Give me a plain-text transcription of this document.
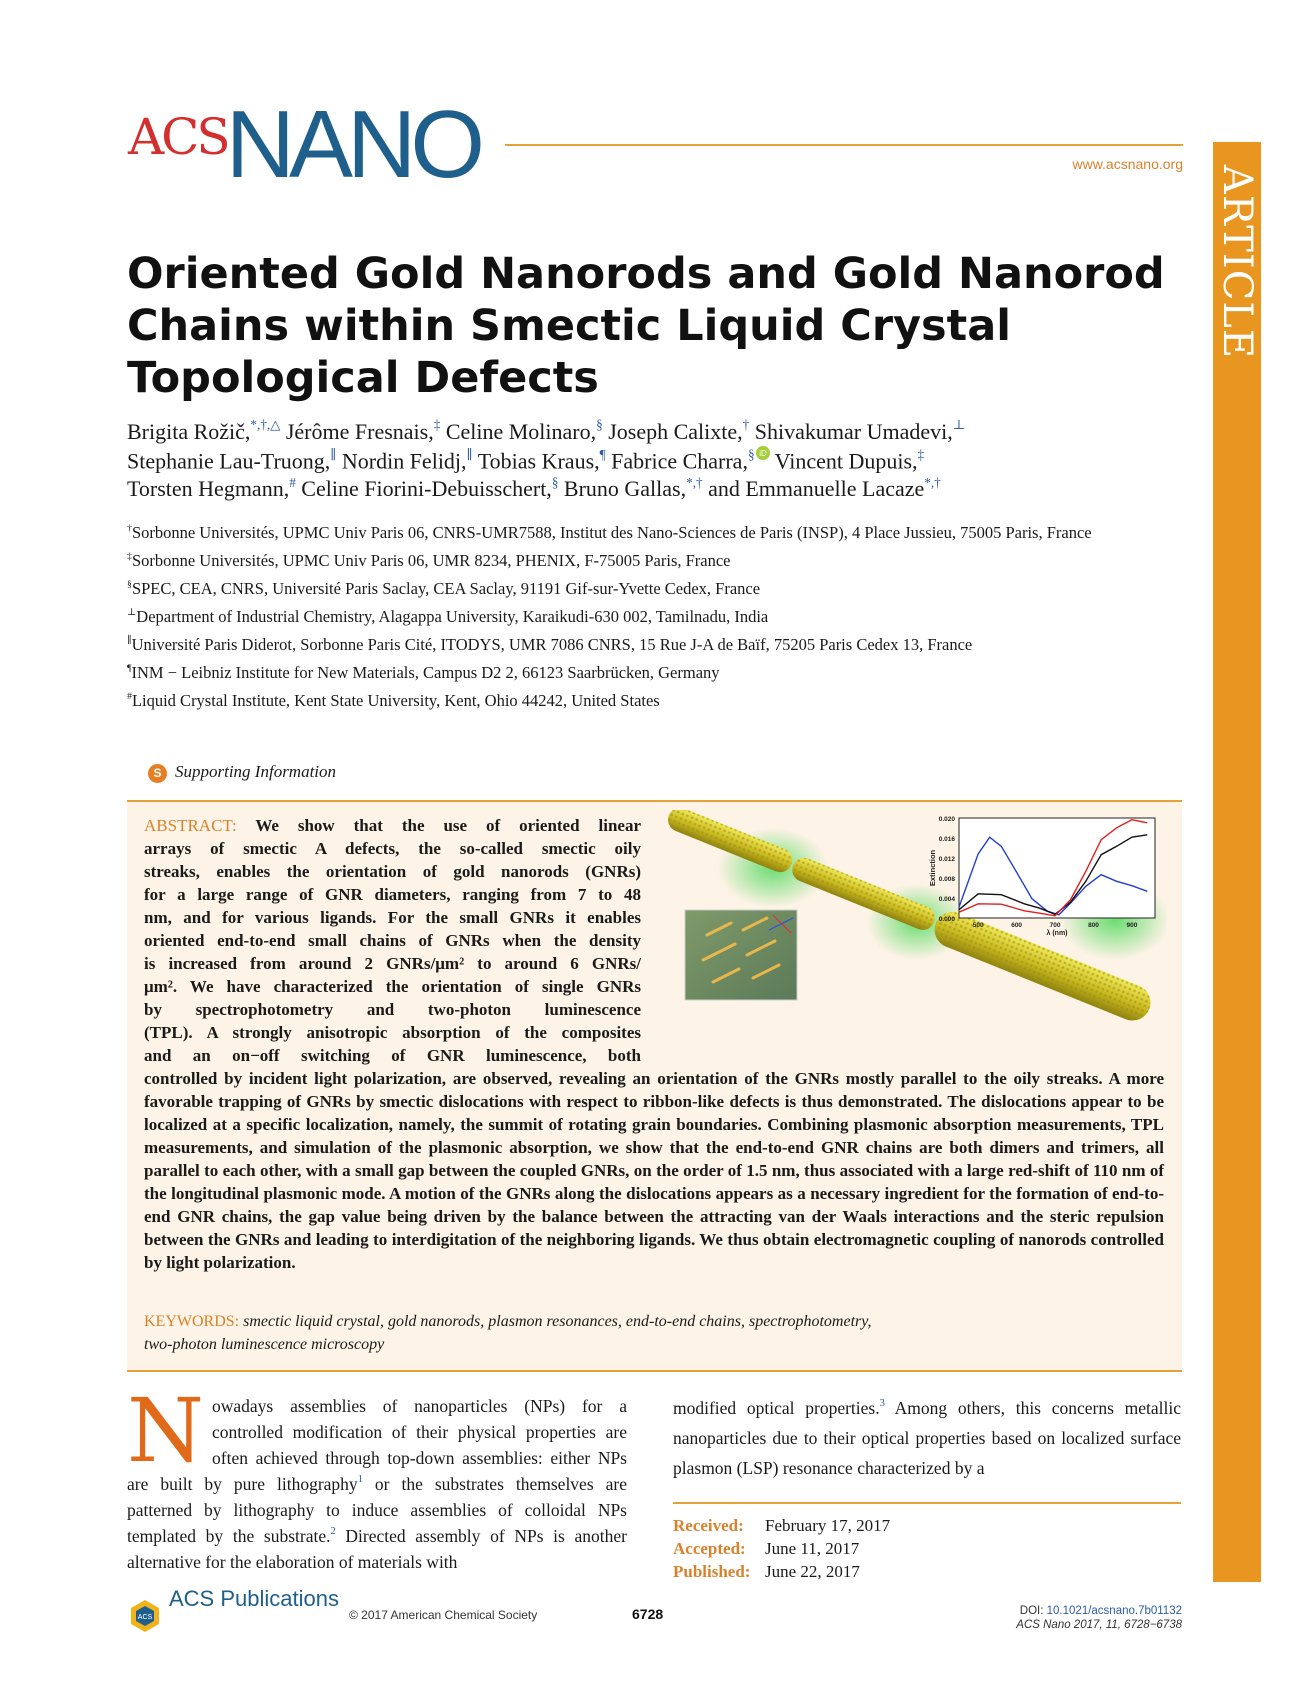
ACSNANO	www.acsnano.org
ARTICLE
Oriented Gold Nanorods and Gold Nanorod
Chains within Smectic Liquid Crystal
Topological Defects
Brigita Rožič,*,†,△ Jérôme Fresnais,‡ Celine Molinaro,§ Joseph Calixte,† Shivakumar Umadevi,⊥
Stephanie Lau-Truong,∥ Nordin Felidj,∥ Tobias Kraus,¶ Fabrice Charra,§ iD Vincent Dupuis,‡
Torsten Hegmann,# Celine Fiorini-Debuisschert,§ Bruno Gallas,*,† and Emmanuelle Lacaze*,†
†Sorbonne Universités, UPMC Univ Paris 06, CNRS-UMR7588, Institut des Nano-Sciences de Paris (INSP), 4 Place Jussieu, 75005 Paris, France
‡Sorbonne Universités, UPMC Univ Paris 06, UMR 8234, PHENIX, F-75005 Paris, France
§SPEC, CEA, CNRS, Université Paris Saclay, CEA Saclay, 91191 Gif-sur-Yvette Cedex, France
⊥Department of Industrial Chemistry, Alagappa University, Karaikudi-630 002, Tamilnadu, India
∥Université Paris Diderot, Sorbonne Paris Cité, ITODYS, UMR 7086 CNRS, 15 Rue J-A de Baïf, 75205 Paris Cedex 13, France
¶INM − Leibniz Institute for New Materials, Campus D2 2, 66123 Saarbrücken, Germany
#Liquid Crystal Institute, Kent State University, Kent, Ohio 44242, United States
S Supporting Information
ABSTRACT: We show that the use of oriented linear
arrays of smectic A defects, the so-called smectic oily
streaks, enables the orientation of gold nanorods (GNRs)
for a large range of GNR diameters, ranging from 7 to 48
nm, and for various ligands. For the small GNRs it enables
oriented end-to-end small chains of GNRs when the density
is increased from around 2 GNRs/μm² to around 6 GNRs/
μm². We have characterized the orientation of single GNRs
by spectrophotometry and two-photon luminescence
(TPL). A strongly anisotropic absorption of the composites
and an on−off switching of GNR luminescence, both
0.000
0.004
0.008
0.012
0.016
0.020
500	600	700	800	900
λ (nm)
Extinction
controlled by incident light polarization, are observed, revealing an orientation of the GNRs mostly parallel to the oily streaks. A more favorable trapping of GNRs by smectic dislocations with respect to ribbon-like defects is thus demonstrated. The dislocations appear to be localized at a specific localization, namely, the summit of rotating grain boundaries. Combining plasmonic absorption measurements, TPL measurements, and simulation of the plasmonic absorption, we show that the end-to-end GNR chains are both dimers and trimers, all parallel to each other, with a small gap between the coupled GNRs, on the order of 1.5 nm, thus associated with a large red-shift of 110 nm of the longitudinal plasmonic mode. A motion of the GNRs along the dislocations appears as a necessary ingredient for the formation of end-to-end GNR chains, the gap value being driven by the balance between the attracting van der Waals interactions and the steric repulsion between the GNRs and leading to interdigitation of the neighboring ligands. We thus obtain electromagnetic coupling of nanorods controlled by light polarization.
KEYWORDS: smectic liquid crystal, gold nanorods, plasmon resonances, end-to-end chains, spectrophotometry,
two-photon luminescence microscopy
Nowadays assemblies of nanoparticles (NPs) for a controlled modification of their physical properties are often achieved through top-down assemblies: either NPs are built by pure lithography$^1$ or the substrates themselves are patterned by lithography to induce assemblies of colloidal NPs templated by the substrate.$^2$ Directed assembly of NPs is another alternative for the elaboration of materials with
modified optical properties.$^3$ Among others, this concerns metallic nanoparticles due to their optical properties based on localized surface plasmon (LSP) resonance characterized by a
Received: February 17, 2017
Accepted: June 11, 2017
Published: June 22, 2017
ACS
ACS Publications
© 2017 American Chemical Society	6728	DOI: 10.1021/acsnano.7b01132
ACS Nano 2017, 11, 6728−6738
